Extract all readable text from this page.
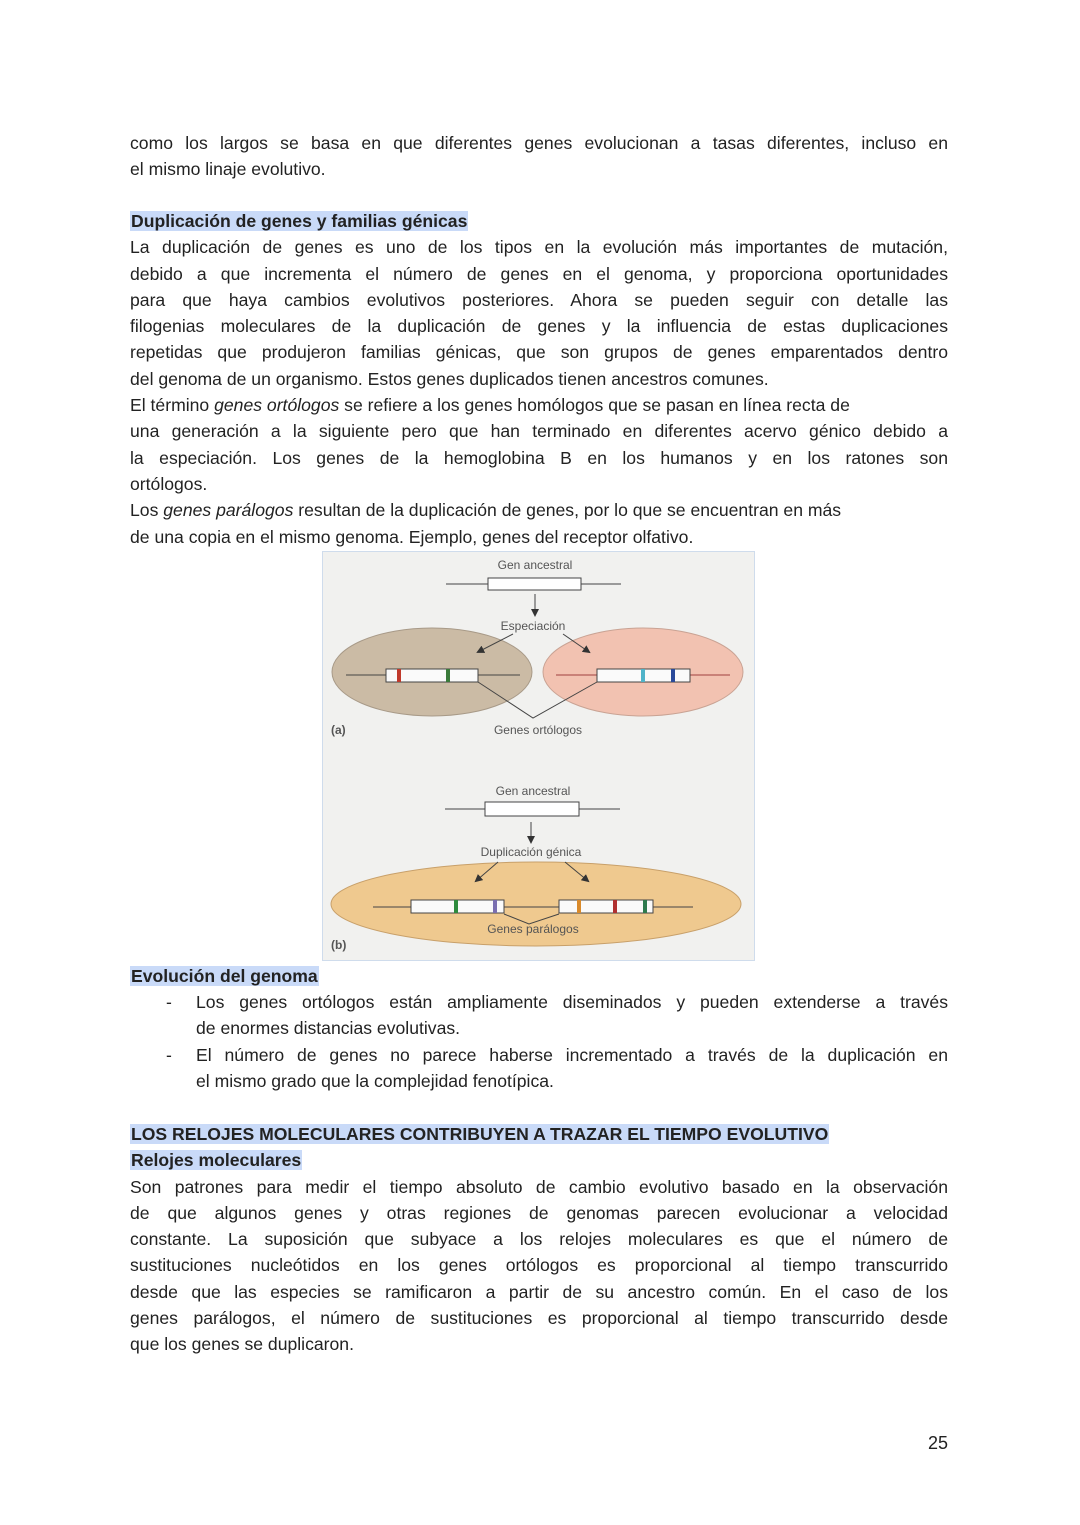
como los largos se basa en que diferentes genes evolucionan a tasas diferentes, incluso en
el mismo linaje evolutivo.
Duplicación de genes y familias génicas
La duplicación de genes es uno de los tipos en la evolución más importantes de mutación,
debido a que incrementa el número de genes en el genoma, y proporciona oportunidades
para que haya cambios evolutivos posteriores. Ahora se pueden seguir con detalle las
filogenias moleculares de la duplicación de genes y la influencia de estas duplicaciones
repetidas que produjeron familias génicas, que son grupos de genes emparentados dentro
del genoma de un organismo. Estos genes duplicados tienen ancestros comunes.
El término genes ortólogos se refiere a los genes homólogos que se pasan en línea recta de
una generación a la siguiente pero que han terminado en diferentes acervo génico debido a
la especiación. Los genes de la hemoglobina B en los humanos y en los ratones son
ortólogos.
Los genes parálogos resultan de la duplicación de genes, por lo que se encuentran en más
de una copia en el mismo genoma. Ejemplo, genes del receptor olfativo.
Gen ancestral
Especiación
Genes ortólogos
(a)
Gen ancestral
Duplicación génica
Genes parálogos
(b)
Evolución del genoma
- Los genes ortólogos están ampliamente diseminados y pueden extenderse a través
de enormes distancias evolutivas.
- El número de genes no parece haberse incrementado a través de la duplicación en
el mismo grado que la complejidad fenotípica.
LOS RELOJES MOLECULARES CONTRIBUYEN A TRAZAR EL TIEMPO EVOLUTIVO
Relojes moleculares
Son patrones para medir el tiempo absoluto de cambio evolutivo basado en la observación
de que algunos genes y otras regiones de genomas parecen evolucionar a velocidad
constante. La suposición que subyace a los relojes moleculares es que el número de
sustituciones nucleótidos en los genes ortólogos es proporcional al tiempo transcurrido
desde que las especies se ramificaron a partir de su ancestro común. En el caso de los
genes parálogos, el número de sustituciones es proporcional al tiempo transcurrido desde
que los genes se duplicaron.
25
